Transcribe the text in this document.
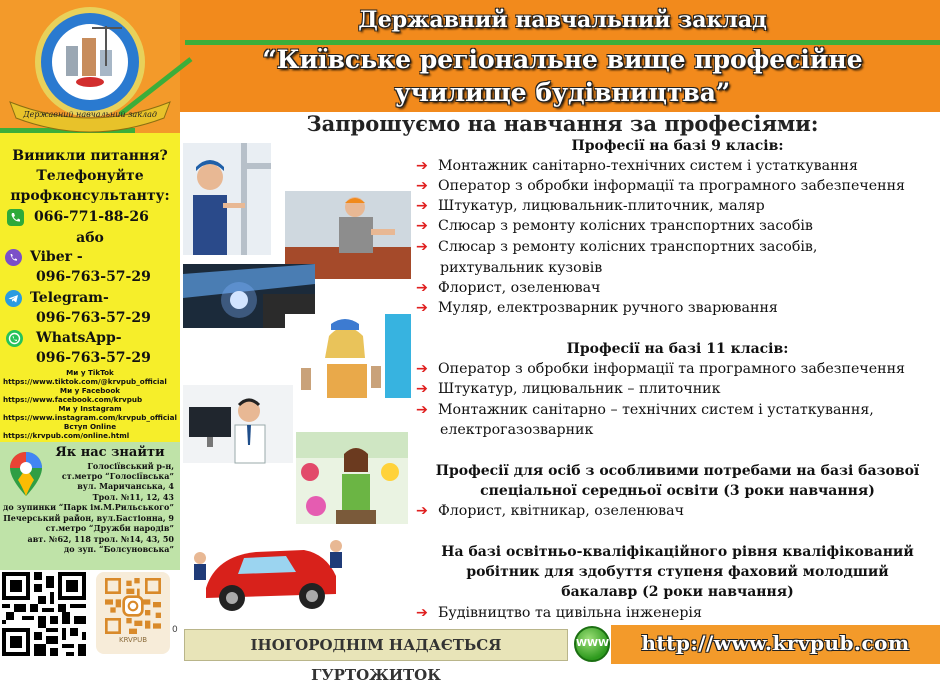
Державний навчальний заклад
Державний навчальний заклад
“Київське регіональне вище професійне
училище будівництва”
Запрошуємо на навчання за професіями:
Виникли питання?
Телефонуйте
профконсультанту:
066-771-88-26
або
Viber -
096-763-57-29
Telegram-
096-763-57-29
WhatsApp-
096-763-57-29
Ми у TikTok
https://www.tiktok.com/@krvpub_official
Ми у Facebook
https://www.facebook.com/krvpub
Ми у Instagram
https://www.instagram.com/krvpub_official
Вступ Online
https://krvpub.com/online.html
Як нас знайти
Голосіївський р-н,
ст.метро “Голосіївська”
вул. Маричанська, 4
Трол. №11, 12, 43
до зупинки “Парк ім.М.Рильського”
Печерський район, вул.Бастіонна, 9
ст.метро “Дружби народів”
авт. №62, 118 трол. №14, 43, 50
до зуп. “Болсуновська”
KRVPUB
0
Професії на базі 9 класів:
➔ Монтажник санітарно-технічних систем і устаткування
➔ Оператор з обробки інформації та програмного забезпечення
➔ Штукатур, лицювальник-плиточник, маляр
➔ Слюсар з ремонту колісних транспортних засобів
➔ Слюсар з ремонту колісних транспортних засобів,
рихтувальник кузовів
➔ Флорист, озеленювач
➔ Муляр, електрозварник ручного зварювання
Професії на базі 11 класів:
➔ Оператор з обробки інформації та програмного забезпечення
➔ Штукатур, лицювальник – плиточник
➔ Монтажник санітарно – технічних систем і устаткування,
електрогазозварник
Професії для осіб з особливими потребами на базі базової
спеціальної середньої освіти (3 роки навчання)
➔ Флорист, квітникар, озеленювач
На базі освітньо-кваліфікаційного рівня кваліфікований
робітник для здобуття ступеня фаховий молодший
бакалавр (2 роки навчання)
➔ Будівництво та цивільна інженерія
ІНОГОРОДНІМ НАДАЄТЬСЯ ГУРТОЖИТОК
WWW	http://www.krvpub.com
